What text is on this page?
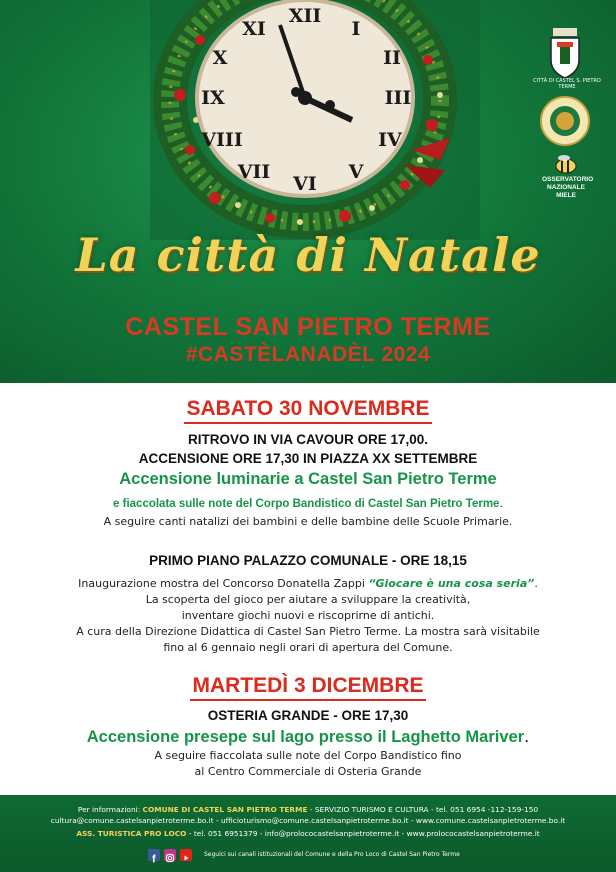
XII
I
II
III
IV
V
VI
VII
VIII
IX
X
XI
CITTÀ DI CASTEL S. PIETRO TERME
OSSERVATORIO
NAZIONALE
MIELE
La città di Natale
CASTEL SAN PIETRO TERME
#CASTÈLANADÈL 2024
SABATO 30 NOVEMBRE
RITROVO IN VIA CAVOUR ORE 17,00.
ACCENSIONE ORE 17,30 IN PIAZZA XX SETTEMBRE
Accensione luminarie a Castel San Pietro Terme
e fiaccolata sulle note del Corpo Bandistico di Castel San Pietro Terme.
A seguire canti natalizi dei bambini e delle bambine delle Scuole Primarie.
PRIMO PIANO PALAZZO COMUNALE - ORE 18,15
Inaugurazione mostra del Concorso Donatella Zappi “Giocare è una cosa seria”.
La scoperta del gioco per aiutare a sviluppare la creatività,
inventare giochi nuovi e riscoprirne di antichi.
A cura della Direzione Didattica di Castel San Pietro Terme. La mostra sarà visitabile
fino al 6 gennaio negli orari di apertura del Comune.
MARTEDÌ 3 DICEMBRE
OSTERIA GRANDE - ORE 17,30
Accensione presepe sul lago presso il Laghetto Mariver.
A seguire fiaccolata sulle note del Corpo Bandistico fino
al Centro Commerciale di Osteria Grande
Per informazioni: COMUNE DI CASTEL SAN PIETRO TERME - SERVIZIO TURISMO E CULTURA - tel. 051 6954 -112-159-150
cultura@comune.castelsanpietroterme.bo.it - ufficioturismo@comune.castelsanpietroterme.bo.it - www.comune.castelsanpietroterme.bo.it
ASS. TURISTICA PRO LOCO - tel. 051 6951379 - info@prolococastelsanpietroterme.it - www.prolococastelsanpietroterme.it
f	Seguici sui canali istituzionali del Comune e della Pro Loco di Castel San Pietro Terme
